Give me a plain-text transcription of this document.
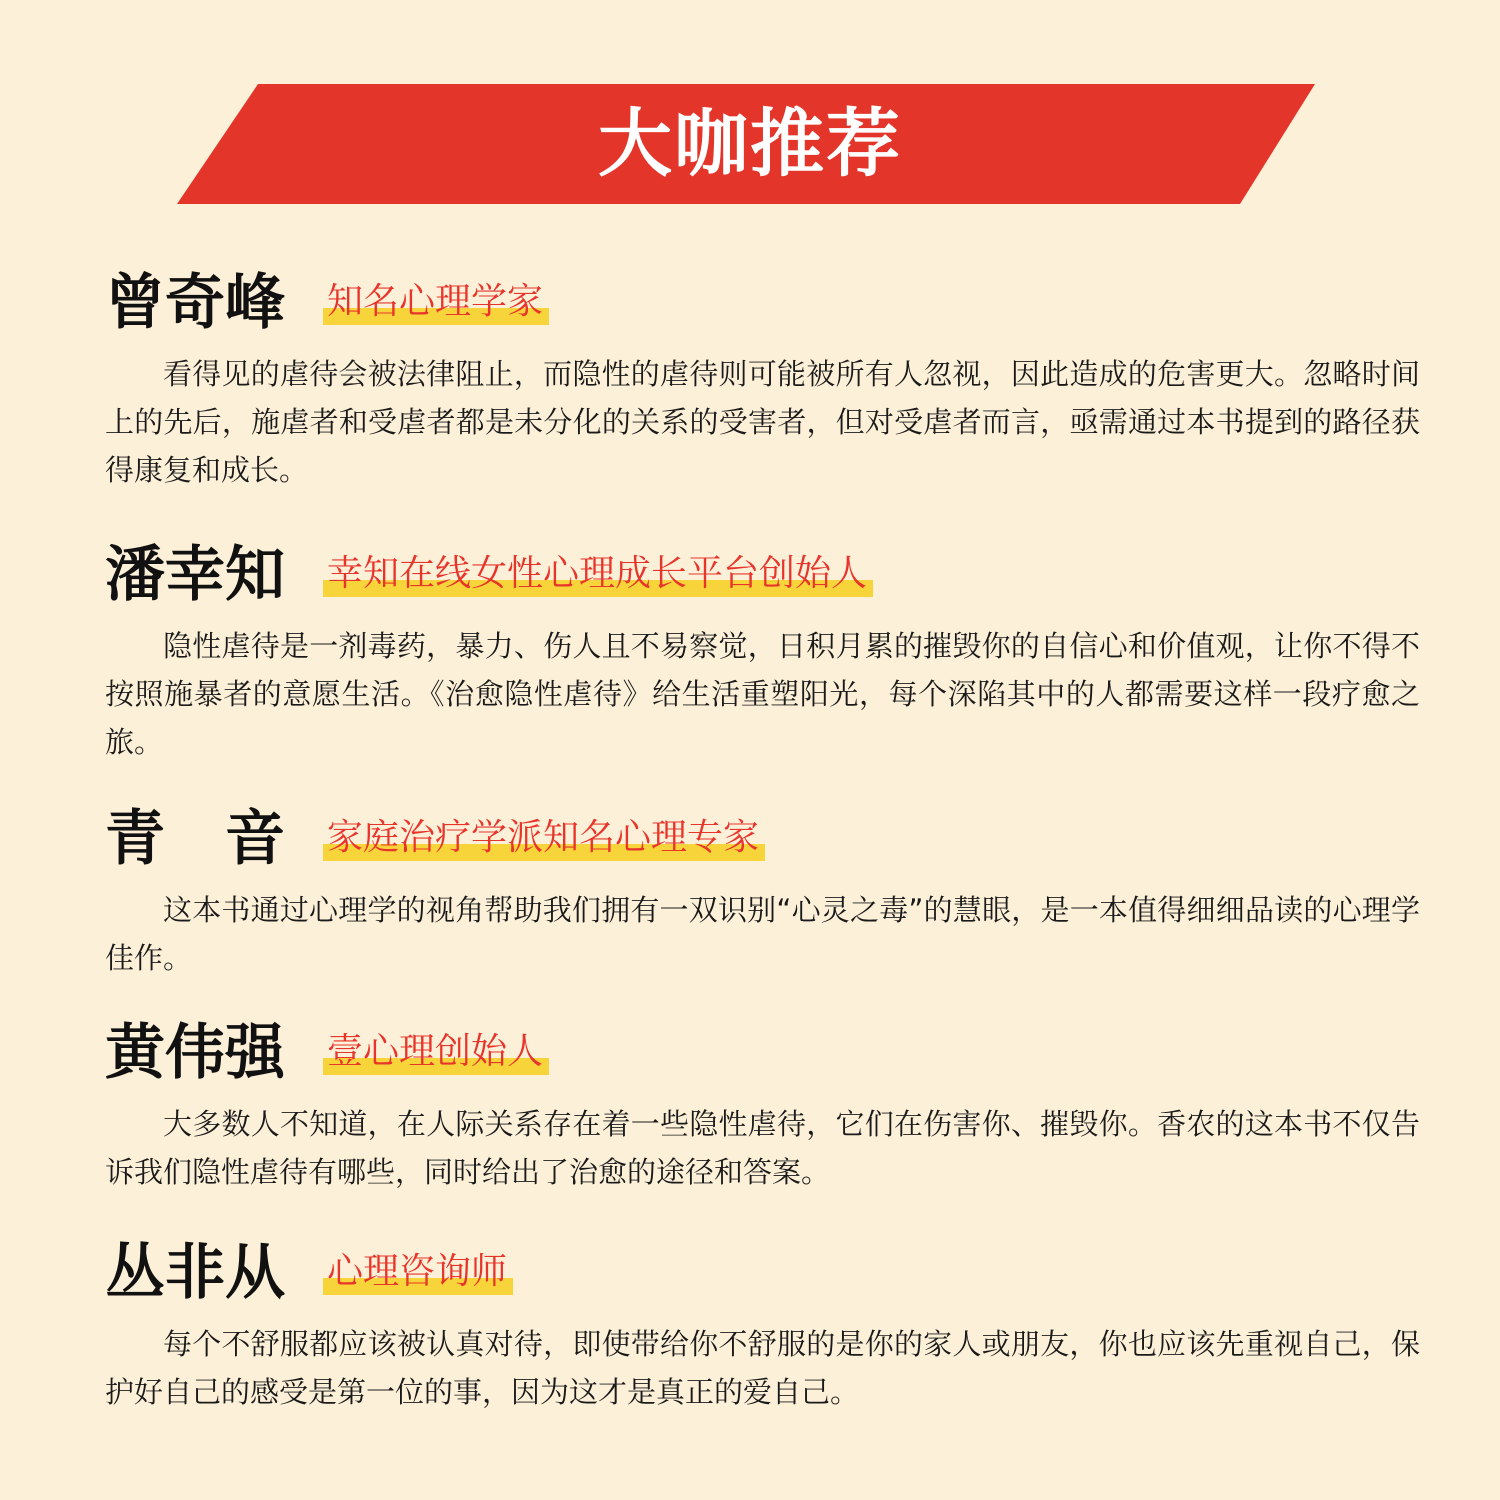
大咖推荐
曾奇峰 知名心理学家

看得见的虐待会被法律阻止，而隐性的虐待则可能被所有人忽视，因此造成的危害更大。忽略时间上的先后，施虐者和受虐者都是未分化的关系的受害者，但对受虐者而言，亟需通过本书提到的路径获得康复和成长。

潘幸知 幸知在线女性心理成长平台创始人

隐性虐待是一剂毒药，暴力、伤人且不易察觉，日积月累的摧毁你的自信心和价值观，让你不得不按照施暴者的意愿生活。《治愈隐性虐待》给生活重塑阳光，每个深陷其中的人都需要这样一段疗愈之旅。

青　音 家庭治疗学派知名心理专家

这本书通过心理学的视角帮助我们拥有一双识别“心灵之毒”的慧眼，是一本值得细细品读的心理学佳作。

黄伟强 壹心理创始人

大多数人不知道，在人际关系存在着一些隐性虐待，它们在伤害你、摧毁你。香农的这本书不仅告诉我们隐性虐待有哪些，同时给出了治愈的途径和答案。

丛非从 心理咨询师

每个不舒服都应该被认真对待，即使带给你不舒服的是你的家人或朋友，你也应该先重视自己，保护好自己的感受是第一位的事，因为这才是真正的爱自己。
